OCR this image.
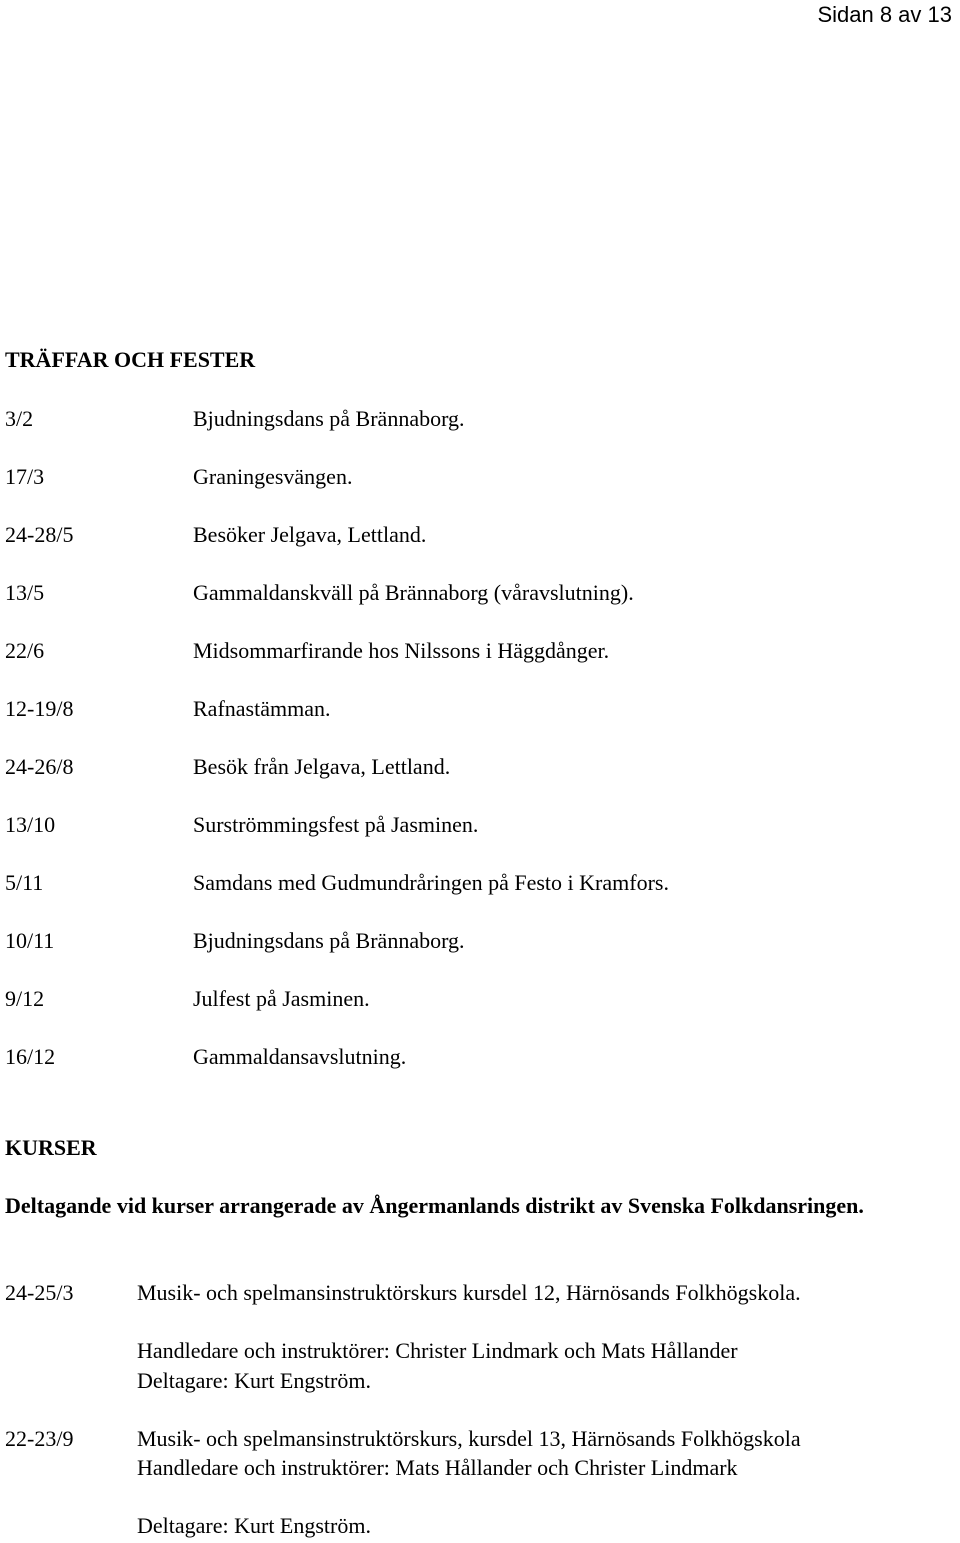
Sidan 8 av 13
TRÄFFAR OCH FESTER
3/2	Bjudningsdans på Brännaborg.
17/3	Graningesvängen.
24-28/5	Besöker Jelgava, Lettland.
13/5	Gammaldanskväll på Brännaborg (våravslutning).
22/6	Midsommarfirande hos Nilssons i Häggdånger.
12-19/8	Rafnastämman.
24-26/8	Besök från Jelgava, Lettland.
13/10	Surströmmingsfest på Jasminen.
5/11	Samdans med Gudmundråringen på Festo i Kramfors.
10/11	Bjudningsdans på Brännaborg.
9/12	Julfest på Jasminen.
16/12	Gammaldansavslutning.
KURSER
Deltagande vid kurser arrangerade av Ångermanlands distrikt av Svenska Folkdansringen.
24-25/3	Musik- och spelmansinstruktörskurs kursdel 12, Härnösands Folkhögskola.
Handledare och instruktörer: Christer Lindmark och Mats Hållander
Deltagare: Kurt Engström.
22-23/9	Musik- och spelmansinstruktörskurs, kursdel 13, Härnösands Folkhögskola
Handledare och instruktörer: Mats Hållander och Christer Lindmark
Deltagare: Kurt Engström.
